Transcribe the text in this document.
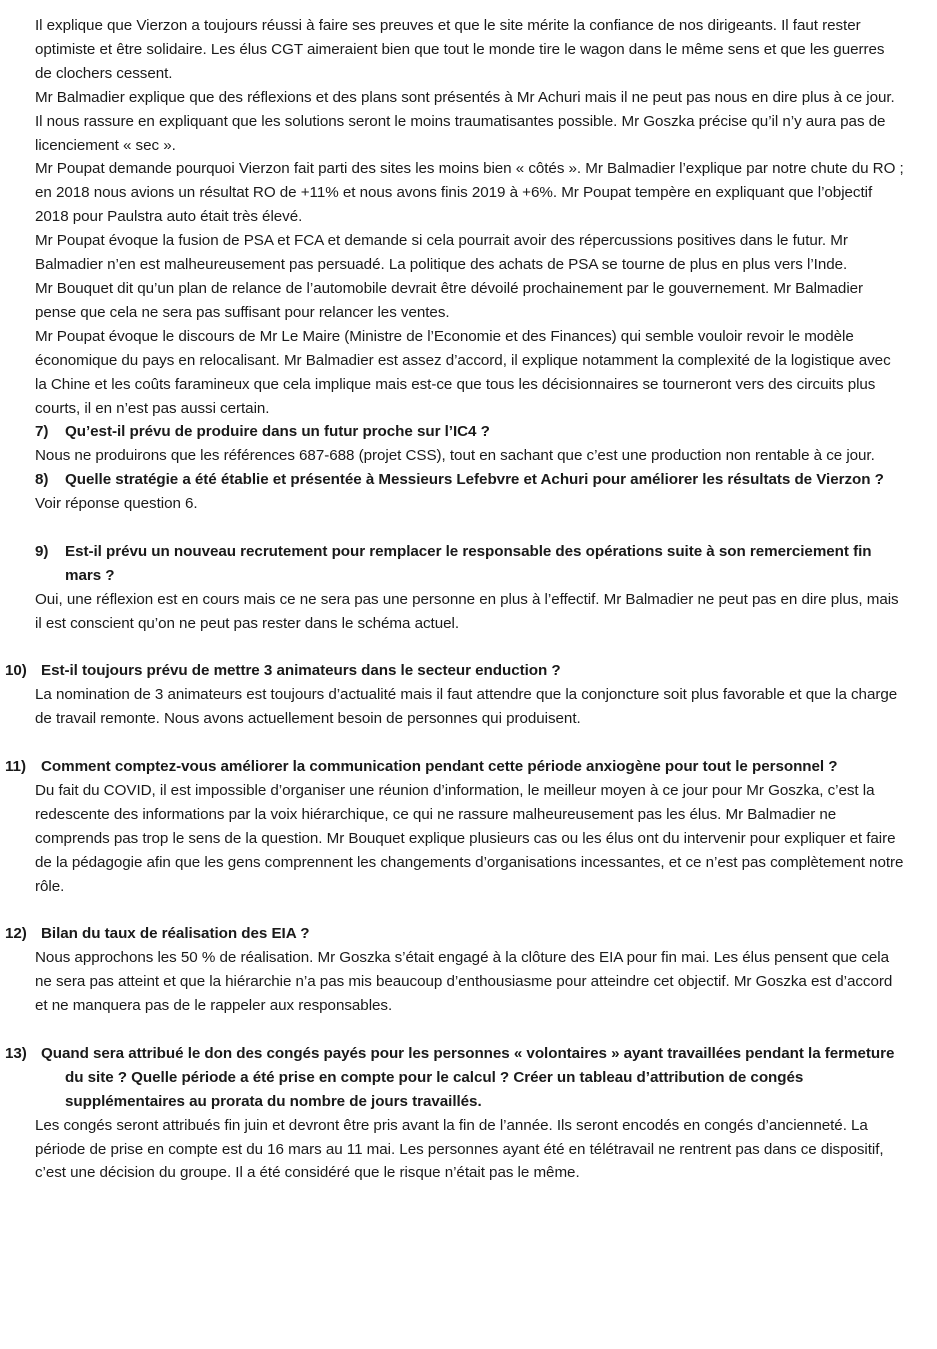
Il explique que Vierzon a toujours réussi à faire ses preuves et que le site mérite la confiance de nos dirigeants. Il faut rester optimiste et être solidaire. Les élus CGT aimeraient bien que tout le monde tire le wagon dans le même sens et que les guerres de clochers cessent.

Mr Balmadier explique que des réflexions et des plans sont présentés à Mr Achuri mais il ne peut pas nous en dire plus à ce jour. Il nous rassure en expliquant que les solutions seront le moins traumatisantes possible. Mr Goszka précise qu’il n’y aura pas de licenciement « sec ».

Mr Poupat demande pourquoi Vierzon fait parti des sites les moins bien « côtés ». Mr Balmadier l’explique par notre chute du RO ; en 2018 nous avions un résultat RO de +11% et nous avons finis 2019 à +6%. Mr Poupat tempère en expliquant que l’objectif 2018 pour Paulstra auto était très élevé.

Mr Poupat évoque la fusion de PSA et FCA et demande si cela pourrait avoir des répercussions positives dans le futur. Mr Balmadier n’en est malheureusement pas persuadé. La politique des achats de PSA se tourne de plus en plus vers l’Inde.

Mr Bouquet dit qu’un plan de relance de l’automobile devrait être dévoilé prochainement par le gouvernement. Mr Balmadier pense que cela ne sera pas suffisant pour relancer les ventes.

Mr Poupat évoque le discours de Mr Le Maire (Ministre de l’Economie et des Finances) qui semble vouloir revoir le modèle économique du pays en relocalisant. Mr Balmadier est assez d’accord, il explique notamment la complexité de la logistique avec la Chine et les coûts faramineux que cela implique mais est-ce que tous les décisionnaires se tourneront vers des circuits plus courts, il en n’est pas aussi certain.

7)	Qu’est-il prévu de produire dans un futur proche sur l’IC4 ?

Nous ne produirons que les références 687-688 (projet CSS), tout en sachant que c’est une production non rentable à ce jour.

8)	Quelle stratégie a été établie et présentée à Messieurs Lefebvre et Achuri pour améliorer les résultats de Vierzon ?

Voir réponse question 6.

9)	Est-il prévu un nouveau recrutement pour remplacer le responsable des opérations suite à son remerciement fin mars ?

Oui, une réflexion est en cours mais ce ne sera pas une personne en plus à l’effectif. Mr Balmadier ne peut pas en dire plus, mais il est conscient qu’on ne peut pas rester dans le schéma actuel.

10) Est-il toujours prévu de mettre 3 animateurs dans le secteur enduction ?

La nomination de 3 animateurs est toujours d’actualité mais il faut attendre que la conjoncture soit plus favorable et que la charge de travail remonte. Nous avons actuellement besoin de personnes qui produisent.

11) Comment comptez-vous améliorer la communication pendant cette période anxiogène pour tout le personnel ?

Du fait du COVID, il est impossible d’organiser une réunion d’information, le meilleur moyen à ce jour pour Mr Goszka, c’est la redescente des informations par la voix hiérarchique, ce qui ne rassure malheureusement pas les élus. Mr Balmadier ne comprends pas trop le sens de la question. Mr Bouquet explique plusieurs cas ou les élus ont du intervenir pour expliquer et faire de la pédagogie afin que les gens comprennent les changements d’organisations incessantes, et ce n’est pas complètement notre rôle.

12) Bilan du taux de réalisation des EIA ?

Nous approchons les 50 % de réalisation. Mr Goszka s’était engagé à la clôture des EIA pour fin mai. Les élus pensent que cela ne sera pas atteint et que la hiérarchie n’a pas mis beaucoup d’enthousiasme pour atteindre cet objectif. Mr Goszka est d’accord et ne manquera pas de le rappeler aux responsables.

13) Quand sera attribué le don des congés payés pour les personnes « volontaires » ayant travaillées pendant la fermeture du site ? Quelle période a été prise en compte pour le calcul ? Créer un tableau d’attribution de congés supplémentaires au prorata du nombre de jours travaillés.

Les congés seront attribués fin juin et devront être pris avant la fin de l’année. Ils seront encodés en congés d’ancienneté. La période de prise en compte est du 16 mars au 11 mai. Les personnes ayant été en télétravail ne rentrent pas dans ce dispositif, c’est une décision du groupe. Il a été considéré que le risque n’était pas le même.
